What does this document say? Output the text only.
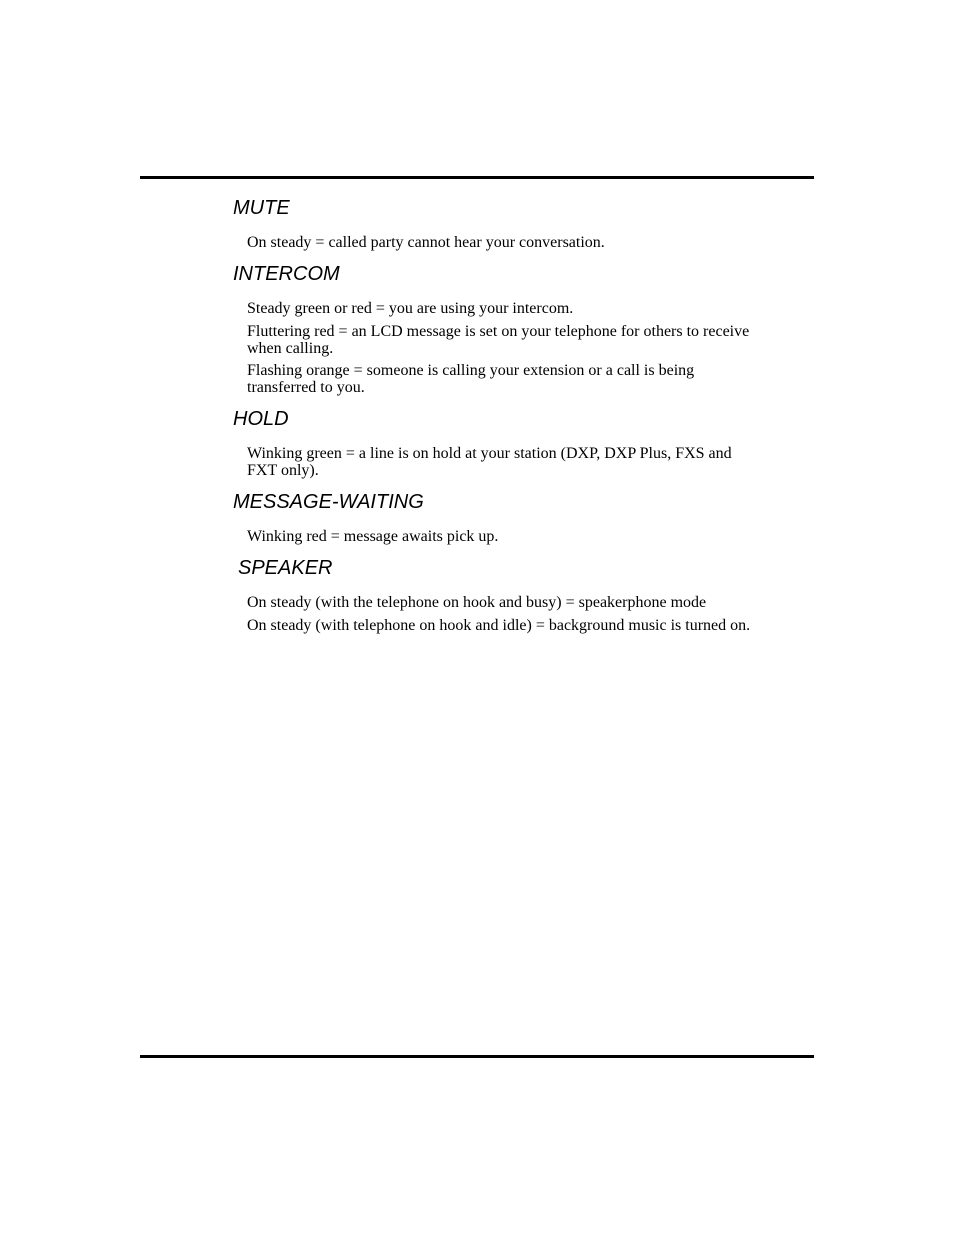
MUTE

On steady = called party cannot hear your conversation.

INTERCOM

Steady green or red = you are using your intercom.

Fluttering red = an LCD message is set on your telephone for others to receive when calling.

Flashing orange = someone is calling your extension or a call is being transferred to you.

HOLD

Winking green = a line is on hold at your station (DXP, DXP Plus, FXS and FXT only).

MESSAGE-WAITING

Winking red = message awaits pick up.

SPEAKER

On steady (with the telephone on hook and busy) = speakerphone mode

On steady (with telephone on hook and idle) = background music is turned on.
